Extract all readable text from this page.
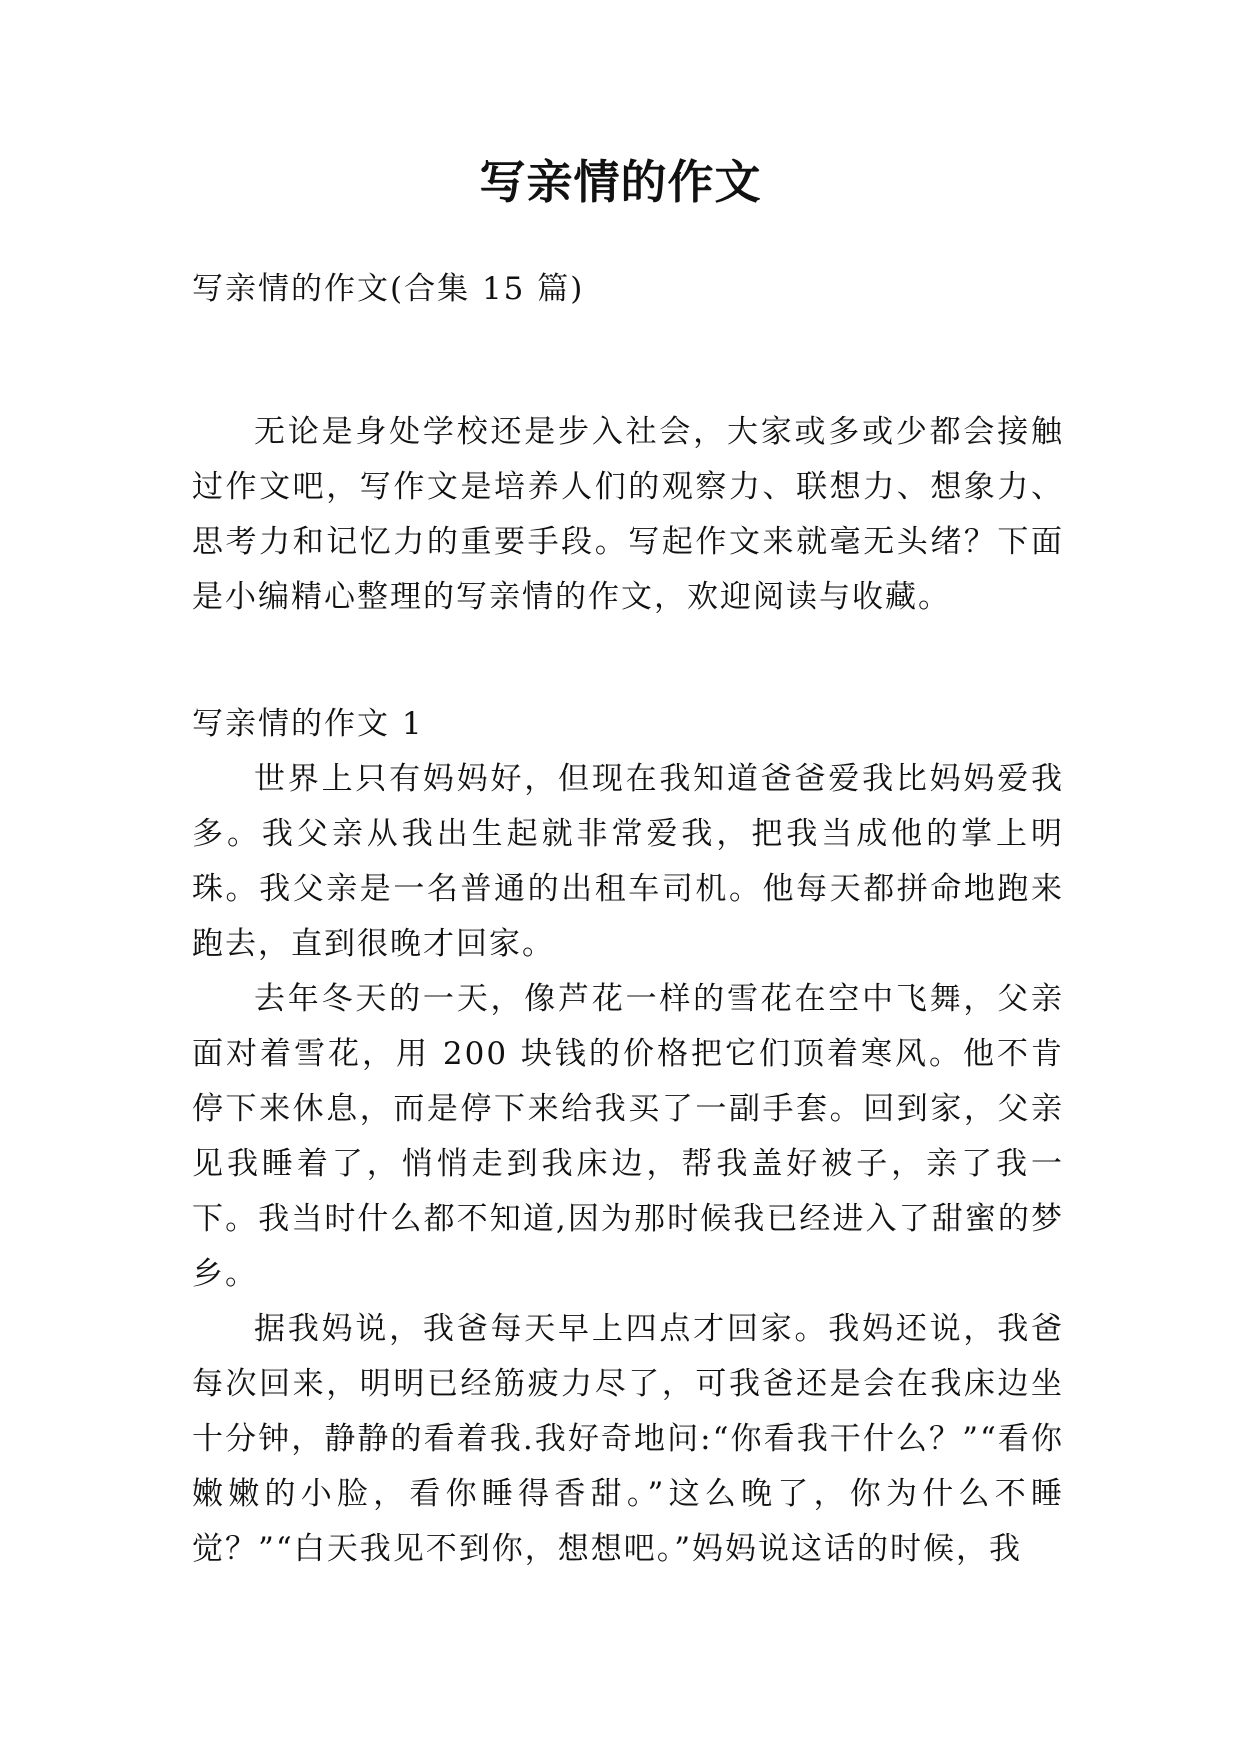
写亲情的作文
写亲情的作文(合集 15 篇)

无论是身处学校还是步入社会，大家或多或少都会接触过作文吧，写作文是培养人们的观察力、联想力、想象力、思考力和记忆力的重要手段。写起作文来就毫无头绪？下面是小编精心整理的写亲情的作文，欢迎阅读与收藏。

写亲情的作文 1

世界上只有妈妈好，但现在我知道爸爸爱我比妈妈爱我多。我父亲从我出生起就非常爱我，把我当成他的掌上明珠。我父亲是一名普通的出租车司机。他每天都拼命地跑来跑去，直到很晚才回家。

去年冬天的一天，像芦花一样的雪花在空中飞舞，父亲面对着雪花，用 200 块钱的价格把它们顶着寒风。他不肯停下来休息，而是停下来给我买了一副手套。回到家，父亲见我睡着了，悄悄走到我床边，帮我盖好被子，亲了我一下。我当时什么都不知道,因为那时候我已经进入了甜蜜的梦乡。

据我妈说，我爸每天早上四点才回家。我妈还说，我爸每次回来，明明已经筋疲力尽了，可我爸还是会在我床边坐十分钟，静静的看着我.我好奇地问:“你看我干什么？”“看你嫩嫩的小脸，看你睡得香甜。”这么晚了，你为什么不睡觉？”“白天我见不到你，想想吧。”妈妈说这话的时候，我
